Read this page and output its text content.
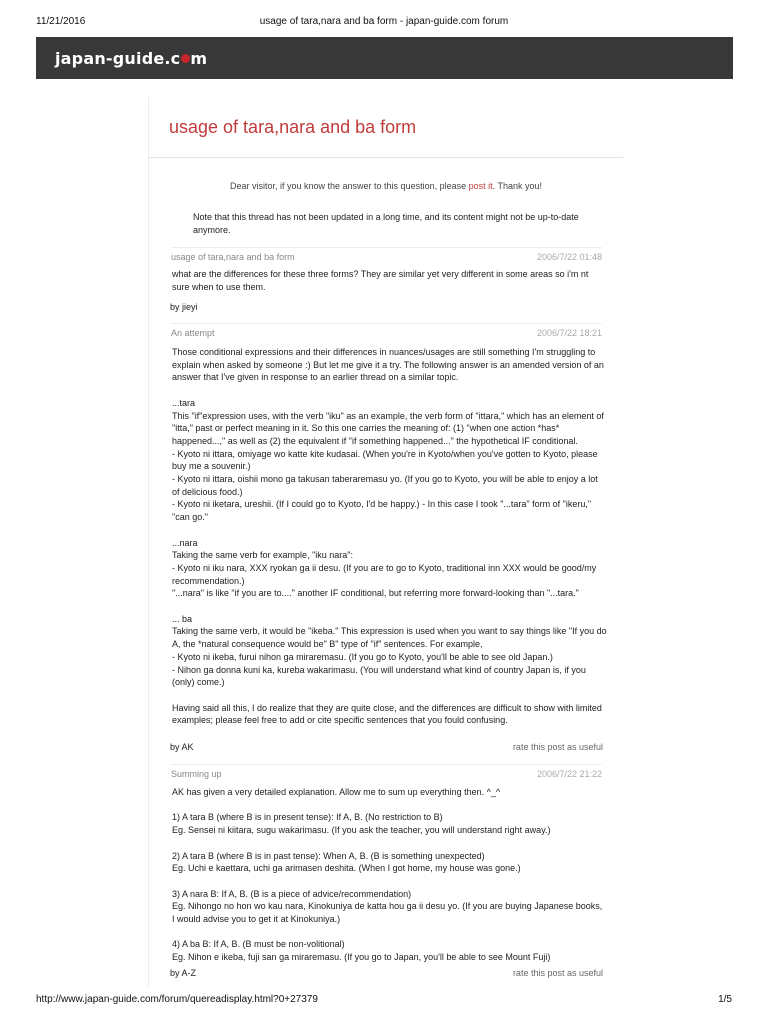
11/21/2016	usage of tara,nara and ba form - japan-guide.com forum
japan-guide.c m
usage of tara,nara and ba form
Dear visitor, if you know the answer to this question, please post it. Thank you!
Note that this thread has not been updated in a long time, and its content might not be up-to-date anymore.
usage of tara,nara and ba form	2006/7/22 01:48

what are the differences for these three forms? They are similar yet very different in some areas so i'm nt sure when to use them.

by jieyi
An attempt	2006/7/22 18:21

Those conditional expressions and their differences in nuances/usages are still something I'm struggling to explain when asked by someone :) But let me give it a try. The following answer is an amended version of an answer that I've given in response to an earlier thread on a similar topic.

...tara
This "if"expression uses, with the verb "iku" as an example, the verb form of "ittara," which has an element of "itta," past or perfect meaning in it. So this one carries the meaning of: (1) "when one action *has* happened...," as well as (2) the equivalent if "if something happened..." the hypothetical IF conditional.
- Kyoto ni ittara, omiyage wo katte kite kudasai. (When you're in Kyoto/when you've gotten to Kyoto, please buy me a souvenir.)
- Kyoto ni ittara, oishii mono ga takusan taberaremasu yo. (If you go to Kyoto, you will be able to enjoy a lot of delicious food.)
- Kyoto ni iketara, ureshii. (If I could go to Kyoto, I'd be happy.) - In this case I took "...tara" form of "ikeru," "can go."

...nara
Taking the same verb for example, "iku nara":
- Kyoto ni iku nara, XXX ryokan ga ii desu. (If you are to go to Kyoto, traditional inn XXX would be good/my recommendation.)
"...nara" is like "if you are to...." another IF conditional, but referring more forward-looking than "...tara."

... ba
Taking the same verb, it would be "ikeba." This expression is used when you want to say things like "If you do A, the *natural consequence would be" B" type of "if" sentences. For example,
- Kyoto ni ikeba, furui nihon ga miraremasu. (If you go to Kyoto, you'll be able to see old Japan.)
- Nihon ga donna kuni ka, kureba wakarimasu. (You will understand what kind of country Japan is, if you (only) come.)

Having said all this, I do realize that they are quite close, and the differences are difficult to show with limited examples; please feel free to add or cite specific sentences that you fould confusing.

by AK	rate this post as useful
Summing up	2006/7/22 21:22

AK has given a very detailed explanation. Allow me to sum up everything then. ^_^

1) A tara B (where B is in present tense): If A, B. (No restriction to B)
Eg. Sensei ni kiitara, sugu wakarimasu. (If you ask the teacher, you will understand right away.)

2) A tara B (where B is in past tense): When A, B. (B is something unexpected)
Eg. Uchi e kaettara, uchi ga arimasen deshita. (When I got home, my house was gone.)

3) A nara B: If A, B. (B is a piece of advice/recommendation)
Eg. Nihongo no hon wo kau nara, Kinokuniya de katta hou ga ii desu yo. (If you are buying Japanese books, I would advise you to get it at Kinokuniya.)

4) A ba B: If A, B. (B must be non-volitional)
Eg. Nihon e ikeba, fuji san ga miraremasu. (If you go to Japan, you'll be able to see Mount Fuji)

by A-Z	rate this post as useful
http://www.japan-guide.com/forum/quereadisplay.html?0+27379	1/5
